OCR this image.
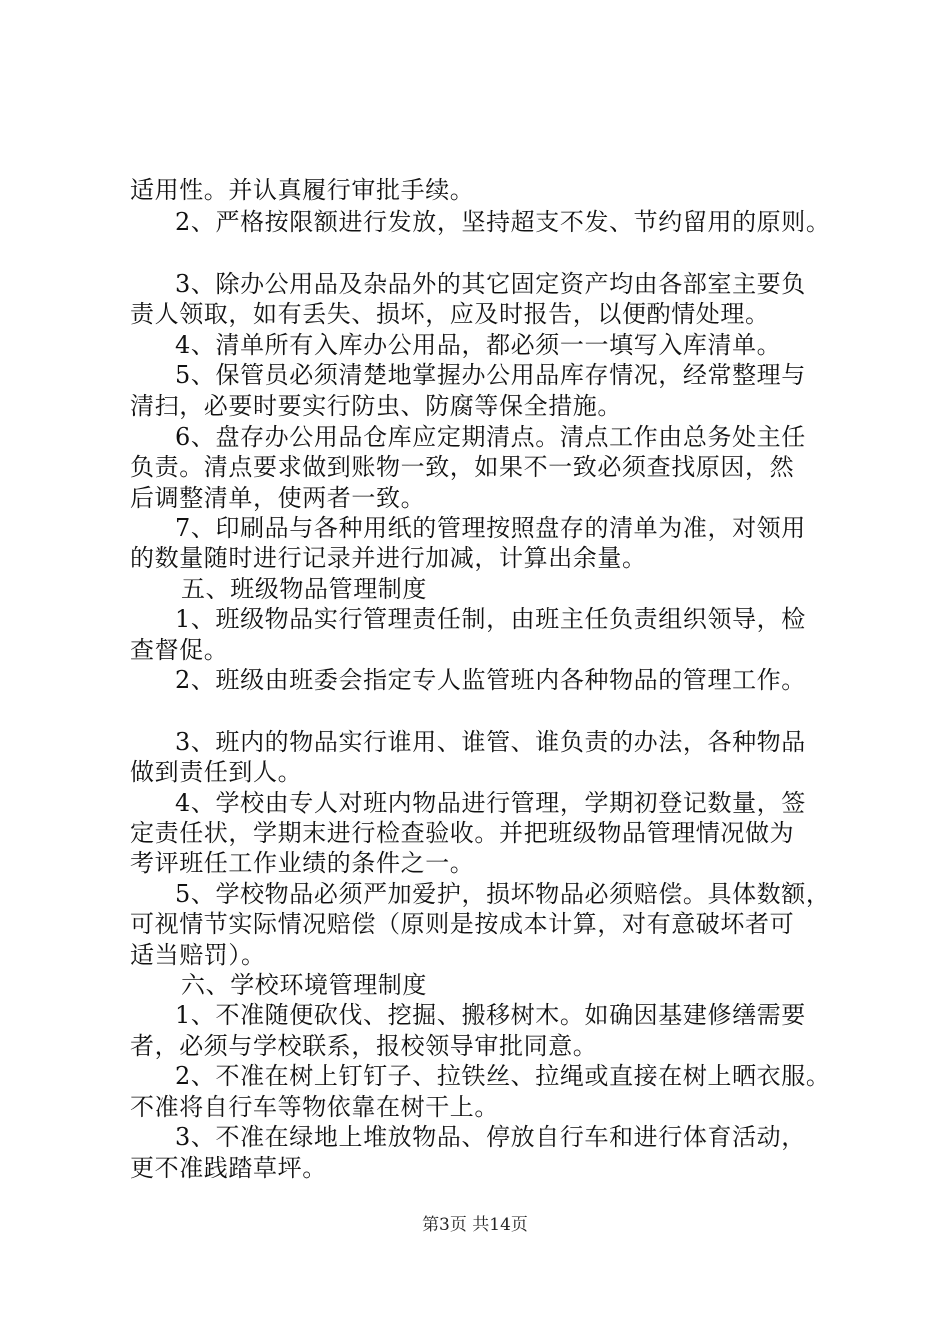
适用性。并认真履行审批手续。
2、严格按限额进行发放，坚持超支不发、节约留用的原则。
3、除办公用品及杂品外的其它固定资产均由各部室主要负
责人领取，如有丢失、损坏，应及时报告，以便酌情处理。
4、清单所有入库办公用品，都必须一一填写入库清单。
5、保管员必须清楚地掌握办公用品库存情况，经常整理与
清扫，必要时要实行防虫、防腐等保全措施。
6、盘存办公用品仓库应定期清点。清点工作由总务处主任
负责。清点要求做到账物一致，如果不一致必须查找原因，然
后调整清单，使两者一致。
7、印刷品与各种用纸的管理按照盘存的清单为准，对领用
的数量随时进行记录并进行加减，计算出余量。
五、班级物品管理制度
1、班级物品实行管理责任制，由班主任负责组织领导，检
查督促。
2、班级由班委会指定专人监管班内各种物品的管理工作。
3、班内的物品实行谁用、谁管、谁负责的办法，各种物品
做到责任到人。
4、学校由专人对班内物品进行管理，学期初登记数量，签
定责任状，学期末进行检查验收。并把班级物品管理情况做为
考评班任工作业绩的条件之一。
5、学校物品必须严加爱护，损坏物品必须赔偿。具体数额，
可视情节实际情况赔偿（原则是按成本计算，对有意破坏者可
适当赔罚）。
六、学校环境管理制度
1、不准随便砍伐、挖掘、搬移树木。如确因基建修缮需要
者，必须与学校联系，报校领导审批同意。
2、不准在树上钉钉子、拉铁丝、拉绳或直接在树上晒衣服。
不准将自行车等物依靠在树干上。
3、不准在绿地上堆放物品、停放自行车和进行体育活动，
更不准践踏草坪。
第3页 共14页
